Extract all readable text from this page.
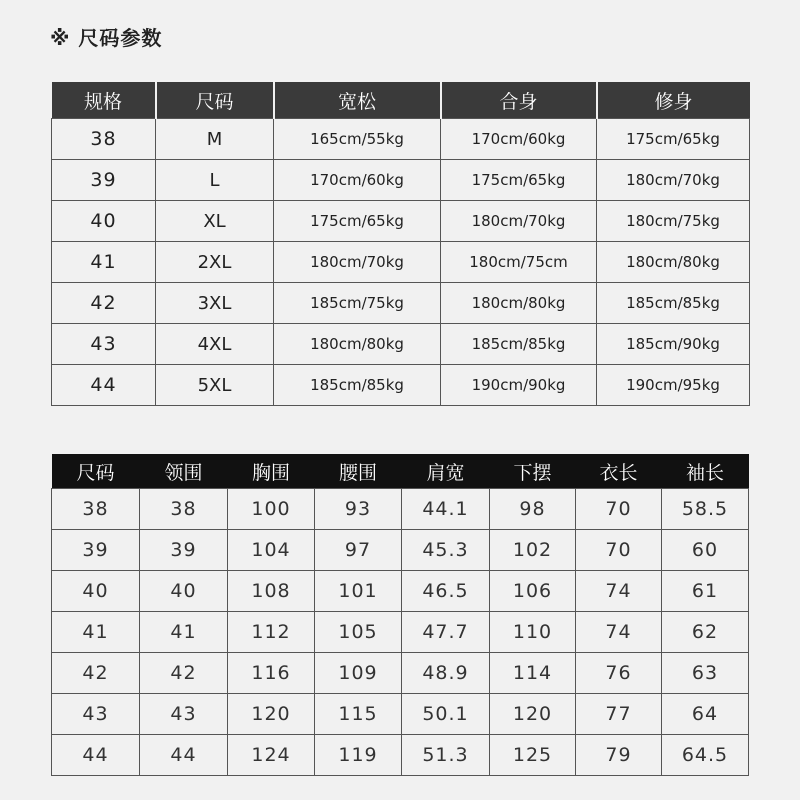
※ 尺码参数
规格	尺码	宽松	合身	修身
38	M	165cm/55kg	170cm/60kg	175cm/65kg
39	L	170cm/60kg	175cm/65kg	180cm/70kg
40	XL	175cm/65kg	180cm/70kg	180cm/75kg
41	2XL	180cm/70kg	180cm/75cm	180cm/80kg
42	3XL	185cm/75kg	180cm/80kg	185cm/85kg
43	4XL	180cm/80kg	185cm/85kg	185cm/90kg
44	5XL	185cm/85kg	190cm/90kg	190cm/95kg
尺码	领围	胸围	腰围	肩宽	下摆	衣长	袖长
38	38	100	93	44.1	98	70	58.5
39	39	104	97	45.3	102	70	60
40	40	108	101	46.5	106	74	61
41	41	112	105	47.7	110	74	62
42	42	116	109	48.9	114	76	63
43	43	120	115	50.1	120	77	64
44	44	124	119	51.3	125	79	64.5
